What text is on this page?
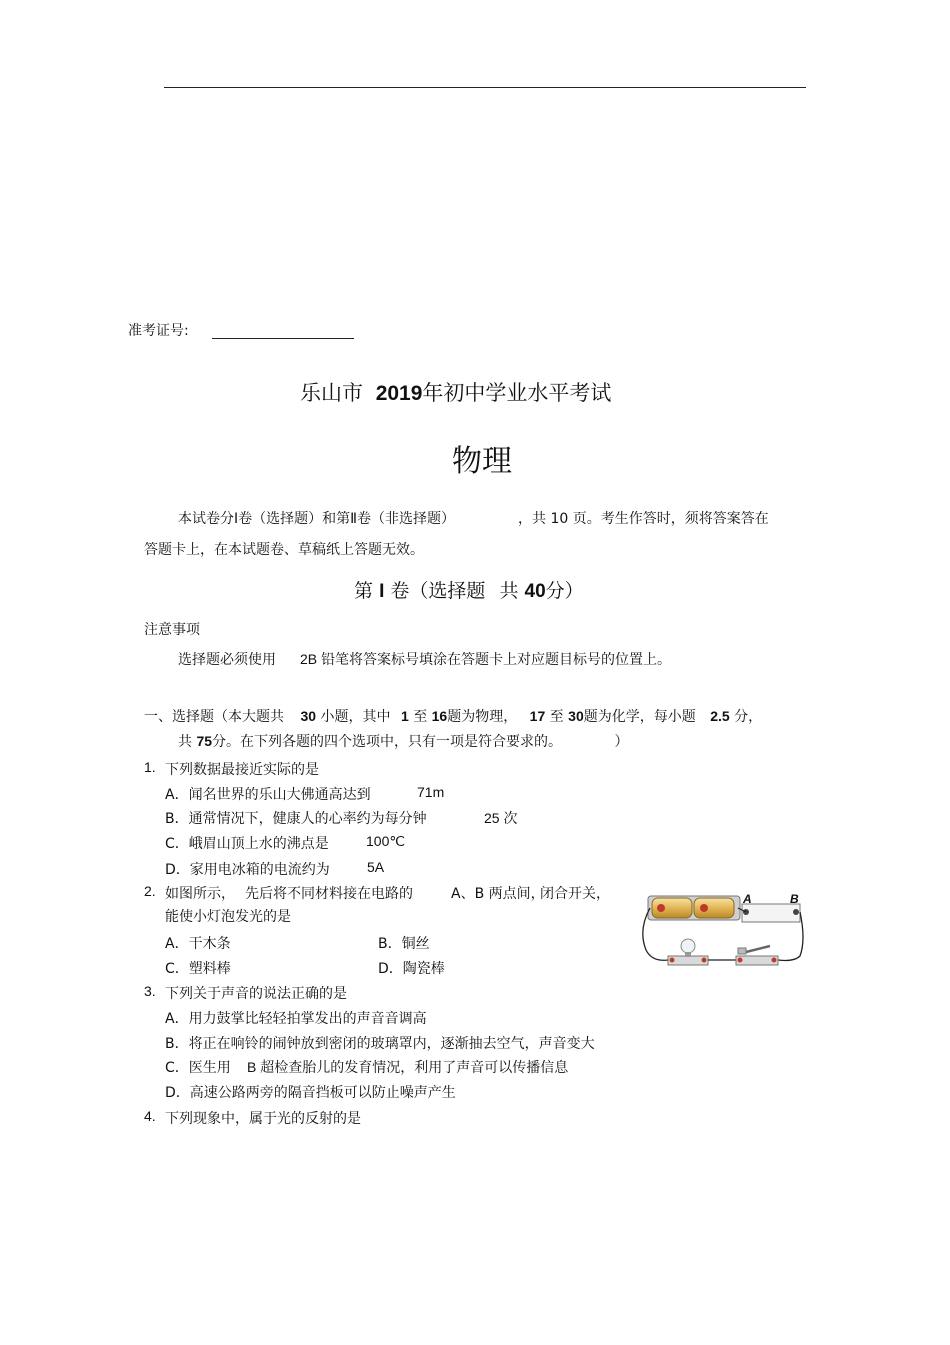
准考证号:
乐山市 2019年初中学业水平考试
物理
本试卷分Ⅰ卷（选择题）和第Ⅱ卷（非选择题）	，共 10 页。考生作答时，须将答案答在
答题卡上，在本试题卷、草稿纸上答题无效。
第 I 卷（选择题 共 40分）
注意事项
选择题必须使用 2B 铅笔将答案标号填涂在答题卡上对应题目标号的位置上。
一、选择题（本大题共 30 小题，其中 1 至 16题为物理， 17 至 30题为化学，每小题 2.5 分，
共 75分。在下列各题的四个选项中，只有一项是符合要求的。	）
1. 下列数据最接近实际的是
A．闻名世界的乐山大佛通高达到	71m
B．通常情况下，健康人的心率约为每分钟	25 次
C．峨眉山顶上水的沸点是	100℃
D．家用电冰箱的电流约为	5A
2. 如图所示， 先后将不同材料接在电路的	A、B 两点间，
闭合开关，
能使小灯泡发光的是
A．干木条	B．铜丝
C．塑料棒	D．陶瓷棒
A	B
3. 下列关于声音的说法正确的是
A．用力鼓掌比轻轻拍掌发出的声音音调高
B．将正在响铃的闹钟放到密闭的玻璃罩内，逐渐抽去空气，声音变大
C．医生用 B 超检查胎儿的发育情况，利用了声音可以传播信息
D．高速公路两旁的隔音挡板可以防止噪声产生
4. 下列现象中，属于光的反射的是
